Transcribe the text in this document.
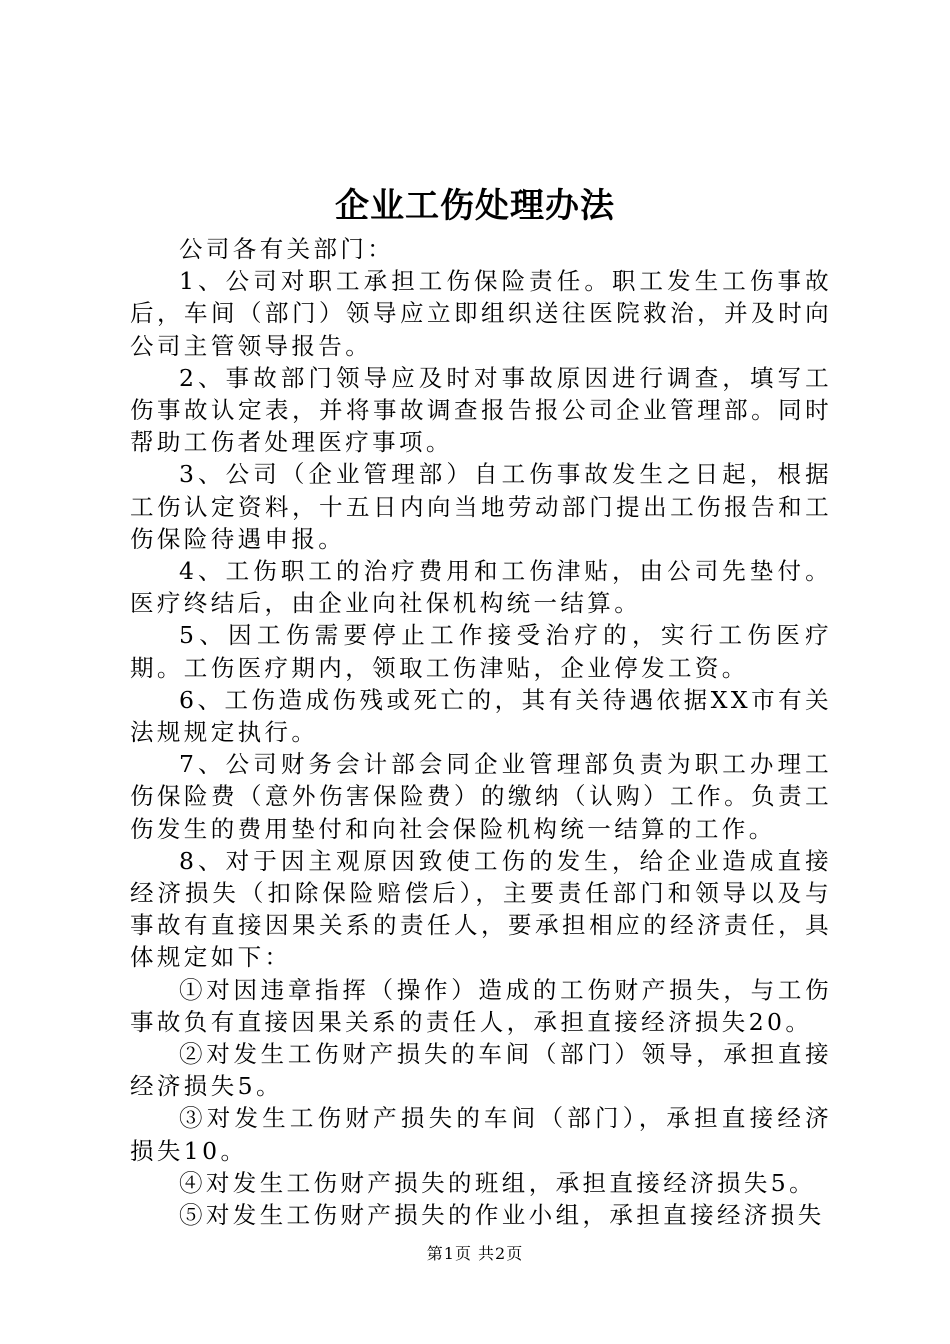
企业工伤处理办法

公司各有关部门：

1、公司对职工承担工伤保险责任。职工发生工伤事故后，车间（部门）领导应立即组织送往医院救治，并及时向公司主管领导报告。

2、事故部门领导应及时对事故原因进行调查，填写工伤事故认定表，并将事故调查报告报公司企业管理部。同时帮助工伤者处理医疗事项。

3、公司（企业管理部）自工伤事故发生之日起，根据工伤认定资料，十五日内向当地劳动部门提出工伤报告和工伤保险待遇申报。

4、工伤职工的治疗费用和工伤津贴，由公司先垫付。医疗终结后，由企业向社保机构统一结算。

5、因工伤需要停止工作接受治疗的，实行工伤医疗期。工伤医疗期内，领取工伤津贴，企业停发工资。

6、工伤造成伤残或死亡的，其有关待遇依据XX市有关法规规定执行。

7、公司财务会计部会同企业管理部负责为职工办理工伤保险费（意外伤害保险费）的缴纳（认购）工作。负责工伤发生的费用垫付和向社会保险机构统一结算的工作。

8、对于因主观原因致使工伤的发生，给企业造成直接经济损失（扣除保险赔偿后），主要责任部门和领导以及与事故有直接因果关系的责任人，要承担相应的经济责任，具体规定如下：

①对因违章指挥（操作）造成的工伤财产损失，与工伤事故负有直接因果关系的责任人，承担直接经济损失20。

②对发生工伤财产损失的车间（部门）领导，承担直接经济损失5。

③对发生工伤财产损失的车间（部门），承担直接经济损失10。

④对发生工伤财产损失的班组，承担直接经济损失5。

⑤对发生工伤财产损失的作业小组，承担直接经济损失

第1页 共2页
